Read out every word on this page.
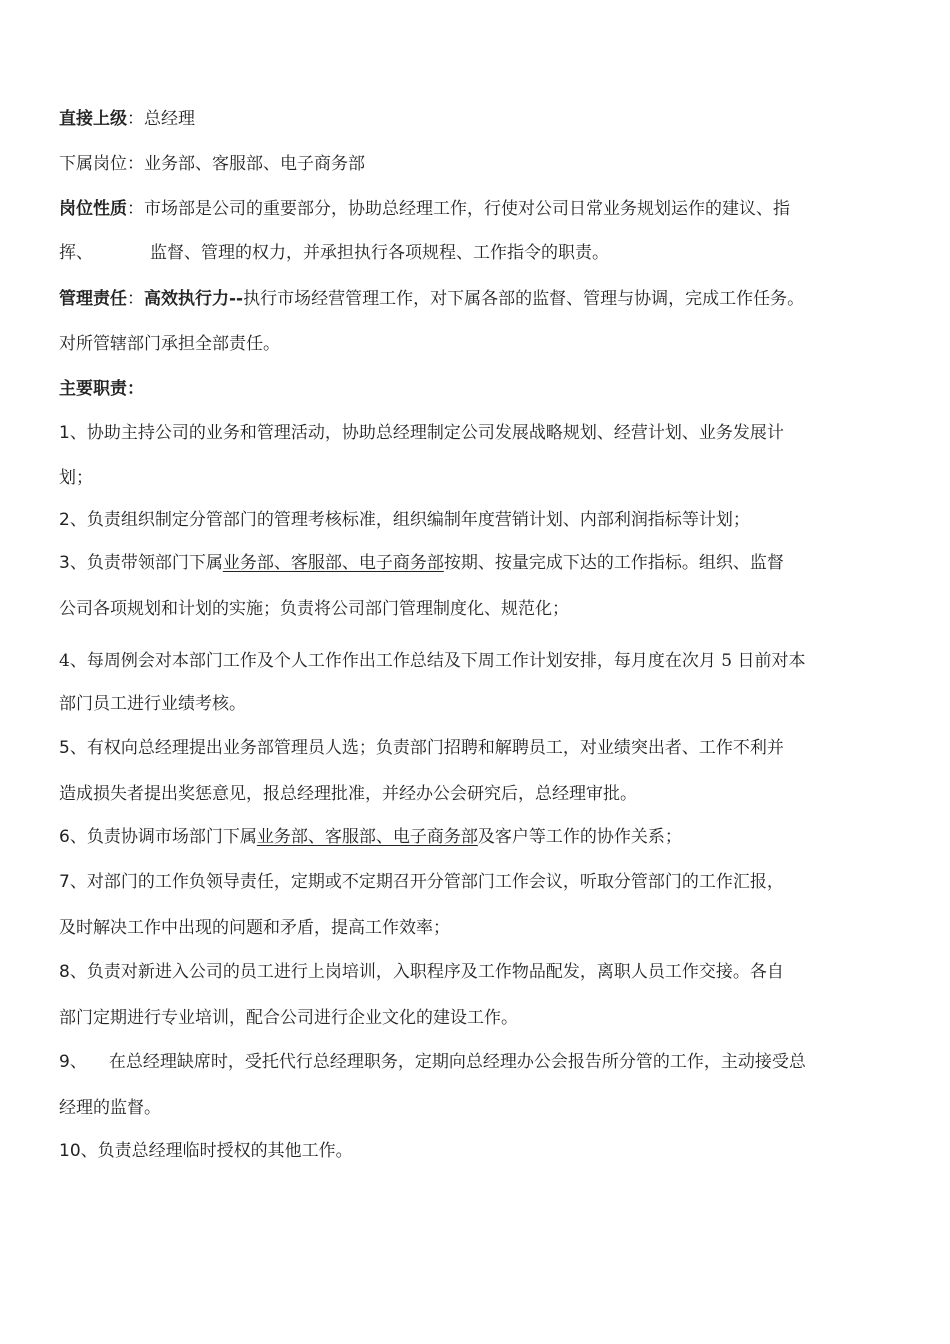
直接上级：总经理
下属岗位：业务部、客服部、电子商务部
岗位性质：市场部是公司的重要部分，协助总经理工作，行使对公司日常业务规划运作的建议、指
挥、	监督、管理的权力，并承担执行各项规程、工作指令的职责。
管理责任：高效执行力--执行市场经营管理工作，对下属各部的监督、管理与协调，完成工作任务。
对所管辖部门承担全部责任。
主要职责：
1、协助主持公司的业务和管理活动，协助总经理制定公司发展战略规划、经营计划、业务发展计
划；
2、负责组织制定分管部门的管理考核标准，组织编制年度营销计划、内部利润指标等计划；
3、负责带领部门下属业务部、客服部、电子商务部按期、按量完成下达的工作指标。组织、监督
公司各项规划和计划的实施；负责将公司部门管理制度化、规范化；
4、每周例会对本部门工作及个人工作作出工作总结及下周工作计划安排，每月度在次月 5 日前对本
部门员工进行业绩考核。
5、有权向总经理提出业务部管理员人选；负责部门招聘和解聘员工，对业绩突出者、工作不利并
造成损失者提出奖惩意见，报总经理批准，并经办公会研究后，总经理审批。
6、负责协调市场部门下属业务部、客服部、电子商务部及客户等工作的协作关系；
7、对部门的工作负领导责任，定期或不定期召开分管部门工作会议，听取分管部门的工作汇报，
及时解决工作中出现的问题和矛盾，提高工作效率；
8、负责对新进入公司的员工进行上岗培训，入职程序及工作物品配发，离职人员工作交接。各自
部门定期进行专业培训，配合公司进行企业文化的建设工作。
9、 在总经理缺席时，受托代行总经理职务，定期向总经理办公会报告所分管的工作，主动接受总
经理的监督。
10、负责总经理临时授权的其他工作。
